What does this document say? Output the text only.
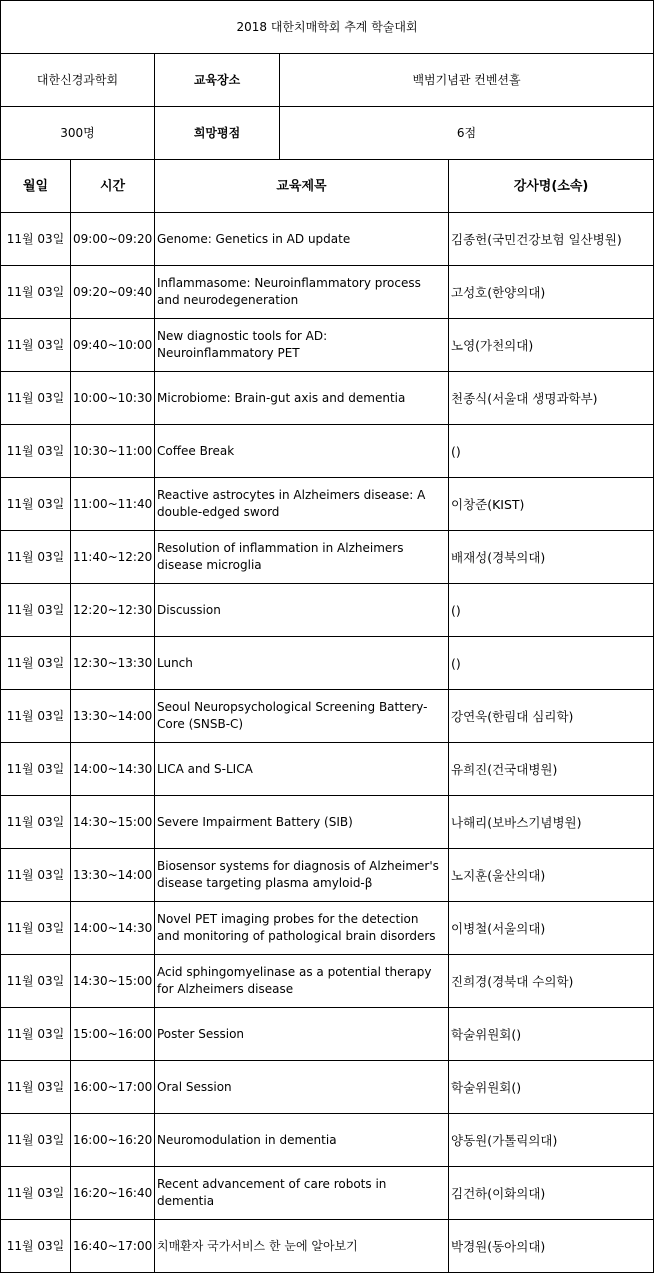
2018 대한치매학회 추계 학술대회				
대한신경과학회		교육장소	백범기념관 컨벤션홀	
300명		희망평점	6점	
월일	시간	교육제목		강사명(소속)
11월 03일	09:00~09:20	Genome: Genetics in AD update		김종헌(국민건강보험 일산병원)
11월 03일	09:20~09:40	Inflammasome: Neuroinflammatory process and neurodegeneration		고성호(한양의대)
11월 03일	09:40~10:00	New diagnostic tools for AD: Neuroinflammatory PET		노영(가천의대)
11월 03일	10:00~10:30	Microbiome: Brain-gut axis and dementia		천종식(서울대 생명과학부)
11월 03일	10:30~11:00	Coffee Break		()
11월 03일	11:00~11:40	Reactive astrocytes in Alzheimers disease: A double-edged sword		이창준(KIST)
11월 03일	11:40~12:20	Resolution of inflammation in Alzheimers disease microglia		배재성(경북의대)
11월 03일	12:20~12:30	Discussion		()
11월 03일	12:30~13:30	Lunch		()
11월 03일	13:30~14:00	Seoul Neuropsychological Screening Battery-Core (SNSB-C)		강연욱(한림대 심리학)
11월 03일	14:00~14:30	LICA and S-LICA		유희진(건국대병원)
11월 03일	14:30~15:00	Severe Impairment Battery (SIB)		나해리(보바스기념병원)
11월 03일	13:30~14:00	Biosensor systems for diagnosis of Alzheimer's disease targeting plasma amyloid-β		노지훈(울산의대)
11월 03일	14:00~14:30	Novel PET imaging probes for the detection and monitoring of pathological brain disorders		이병철(서울의대)
11월 03일	14:30~15:00	Acid sphingomyelinase as a potential therapy for Alzheimers disease		진희경(경북대 수의학)
11월 03일	15:00~16:00	Poster Session		학술위원회()
11월 03일	16:00~17:00	Oral Session		학술위원회()
11월 03일	16:00~16:20	Neuromodulation in dementia		양동원(가톨릭의대)
11월 03일	16:20~16:40	Recent advancement of care robots in dementia		김건하(이화의대)
11월 03일	16:40~17:00	치매환자 국가서비스 한 눈에 알아보기		박경원(동아의대)
